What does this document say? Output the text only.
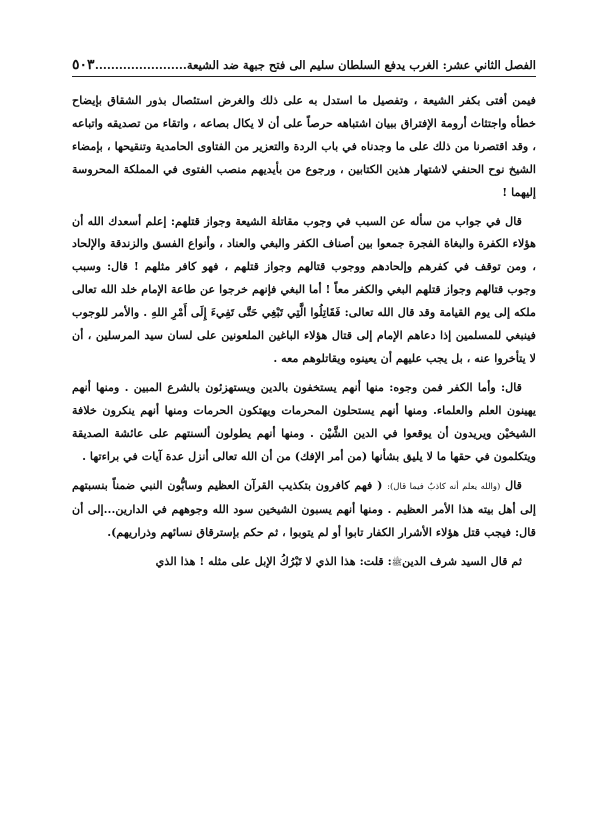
الفصل الثاني عشر: الغرب يدفع السلطان سليم الى فتح جبهة ضد الشيعة.......................
٥٠٣

فيمن أفتى بكفر الشيعة ، وتفصيل ما استدل به على ذلك والغرض استئصال بذور الشقاق بإيضاح خطأه واجتثاث أرومة الإفتراق ببيان اشتباهه حرصاً على أن لا يكال بصاعه ، واتقاء من تصديقه واتباعه ، وقد اقتصرنا من ذلك على ما وجدناه في باب الردة والتعزير من الفتاوى الحامدية وتنقيحها ، بإمضاء الشيخ نوح الحنفي لاشتهار هذين الكتابين ، ورجوع من بأيديهم منصب الفتوى في المملكة المحروسة إليهما !

قال في جواب من سأله عن السبب في وجوب مقاتلة الشيعة وجواز قتلهم: إعلم أسعدك الله أن هؤلاء الكفرة والبغاة الفجرة جمعوا بين أصناف الكفر والبغي والعناد ، وأنواع الفسق والزندقة والإلحاد ، ومن توقف في كفرهم وإلحادهم ووجوب قتالهم وجواز قتلهم ، فهو كافر مثلهم ! قال: وسبب وجوب قتالهم وجواز قتلهم البغي والكفر معاً ! أما البغي فإنهم خرجوا عن طاعة الإمام خلد الله تعالى ملكه إلى يوم القيامة وقد قال الله تعالى: فَقَاتِلُوا الَّتِي تَبْغِي حَتَّى تَفِيءَ إِلَى أَمْرِ اللهِ . والأمر للوجوب فينبغي للمسلمين إذا دعاهم الإمام إلى قتال هؤلاء الباغين الملعونين على لسان سيد المرسلين ، أن لا يتأخروا عنه ، بل يجب عليهم أن يعينوه ويقاتلوهم معه .

قال: وأما الكفر فمن وجوه: منها أنهم يستخفون بالدين ويستهزئون بالشرع المبين . ومنها أنهم يهينون العلم والعلماء. ومنها أنهم يستحلون المحرمات ويهتكون الحرمات ومنها أنهم ينكرون خلافة الشيخيْن ويريدون أن يوقعوا في الدين الشَّيْن . ومنها أنهم يطولون ألسنتهم على عائشة الصديقة ويتكلمون في حقها ما لا يليق بشأنها (من أمر الإفك) من أن الله تعالى أنزل عدة آيات في براءتها .

قال (والله يعلم أنه كاذبٌ فيما قال): ( فهم كافرون بتكذيب القرآن العظيم وسابُّون النبي ضمناً بنسبتهم إلى أهل بيته هذا الأمر العظيم . ومنها أنهم يسبون الشيخين سود الله وجوههم في الدارين...إلى أن قال: فيجب قتل هؤلاء الأشرار الكفار تابوا أو لم يتوبوا ، ثم حكم بإسترقاق نسائهم وذراريهم).

ثم قال السيد شرف الدينﷺ: قلت: هذا الذي لا تَبْرُكُ الإبل على مثله ! هذا الذي
